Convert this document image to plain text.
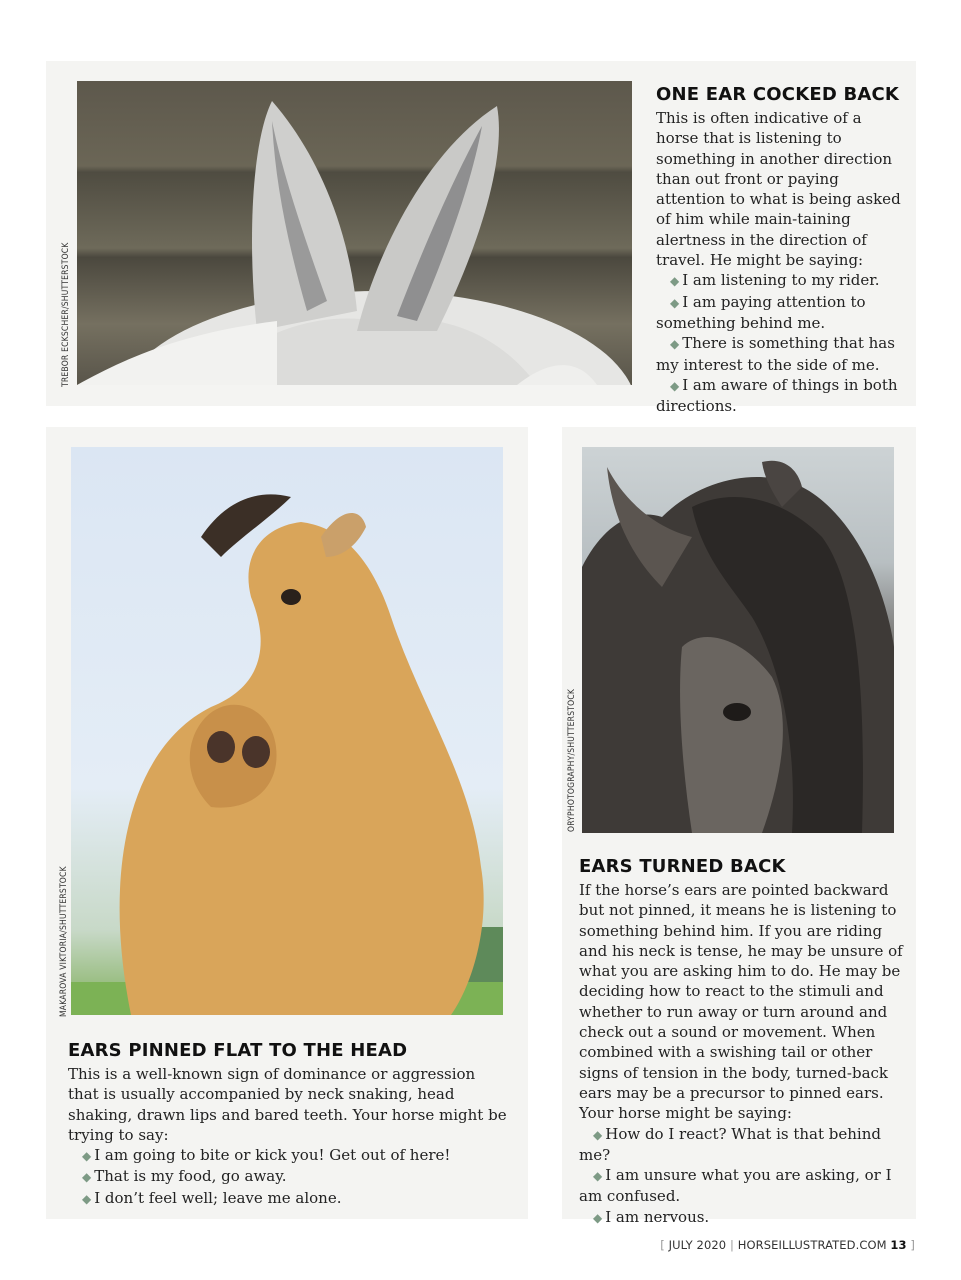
TREBOR ECKSCHER/SHUTTERSTOCK
MAKAROVA VIKTORIA/SHUTTERSTOCK
ORYPHOTOGRAPHY/SHUTTERSTOCK
ONE EAR COCKED BACK

This is often indicative of a horse that is listening to something in another direction than out front or paying attention to what is being asked of him while main-taining alertness in the direction of travel. He might be saying:

◆ I am listening to my rider.

◆ I am paying attention to something behind me.

◆ There is something that has my interest to the side of me.

◆ I am aware of things in both directions.

EARS PINNED FLAT TO THE HEAD

This is a well-known sign of dominance or aggression that is usually accompanied by neck snaking, head shaking, drawn lips and bared teeth. Your horse might be trying to say:

◆ I am going to bite or kick you! Get out of here!

◆ That is my food, go away.

◆ I don’t feel well; leave me alone.

EARS TURNED BACK

If the horse’s ears are pointed backward but not pinned, it means he is listening to something behind him. If you are riding and his neck is tense, he may be unsure of what you are asking him to do. He may be deciding how to react to the stimuli and whether to run away or turn around and check out a sound or movement. When combined with a swishing tail or other signs of tension in the body, turned-back ears may be a precursor to pinned ears. Your horse might be saying:

◆ How do I react? What is that behind me?

◆ I am unsure what you are asking, or I am confused.

◆ I am nervous.

[ JULY 2020 | HORSEILLUSTRATED.COM 13 ]
